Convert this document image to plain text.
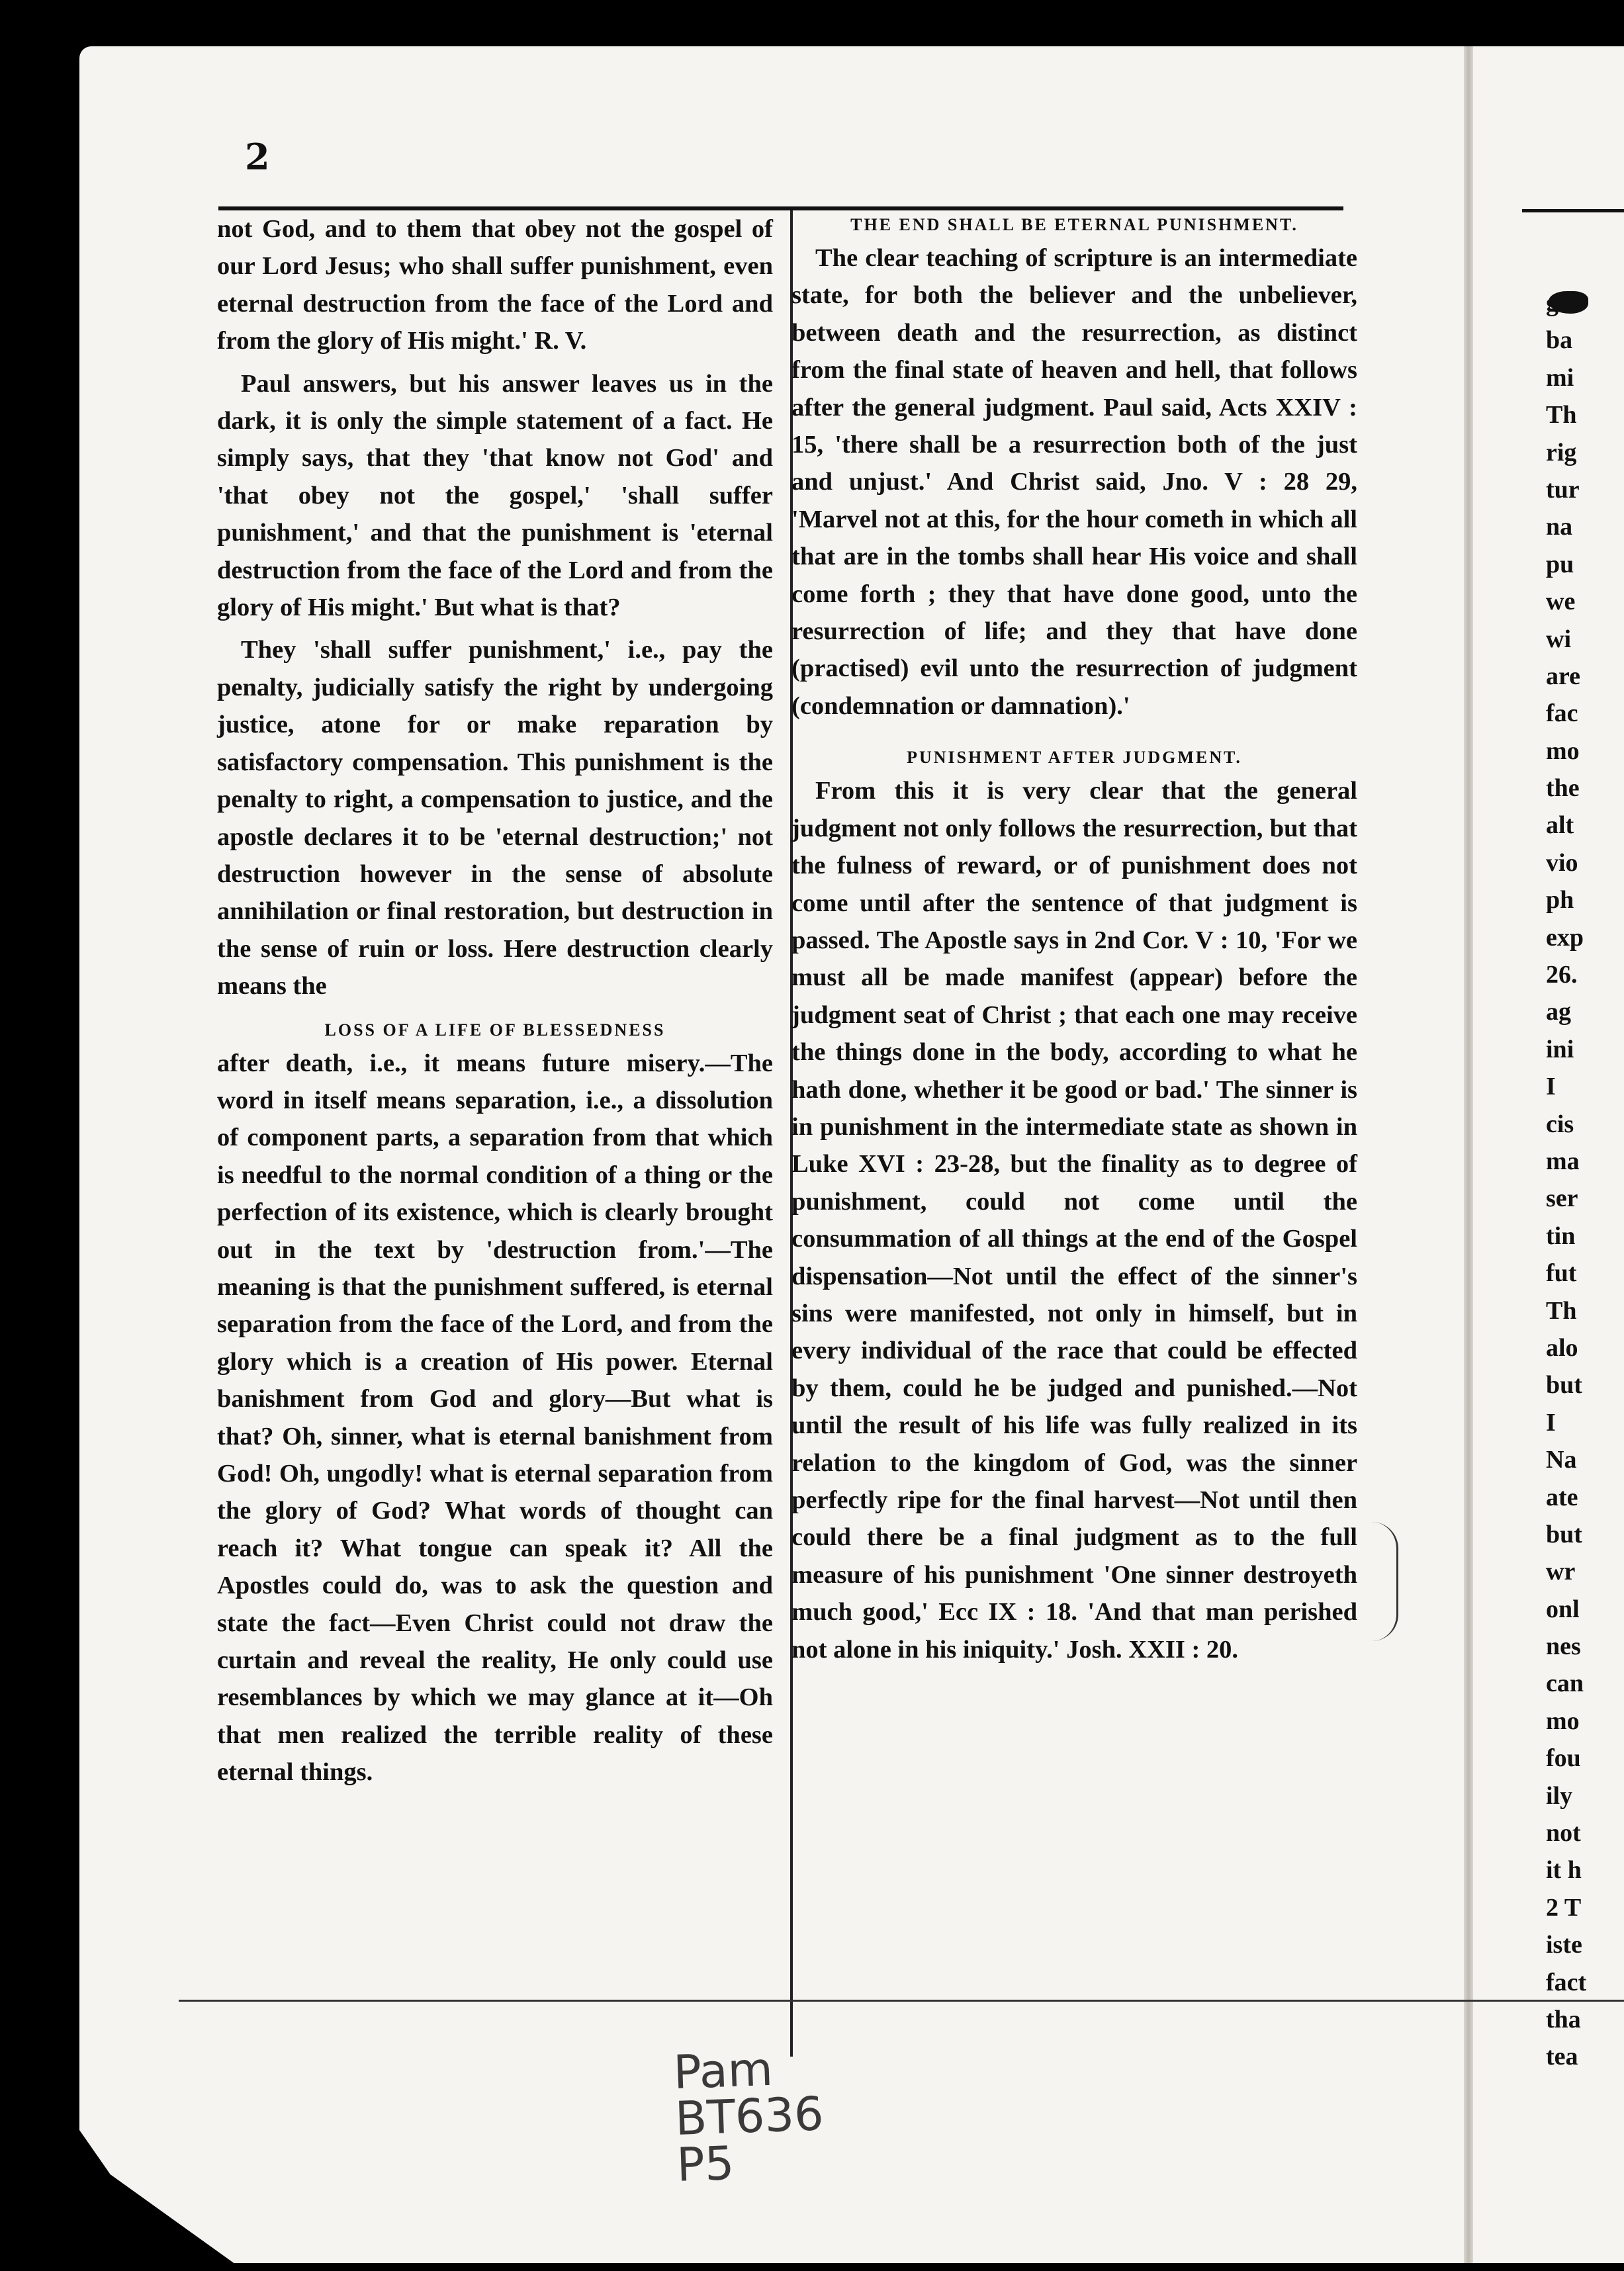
2

not God, and to them that obey not the gospel of our Lord Jesus; who shall suffer punishment, even eternal destruction from the face of the Lord and from the glory of His might.' R. V.

Paul answers, but his answer leaves us in the dark, it is only the simple statement of a fact. He simply says, that they 'that know not God' and 'that obey not the gospel,' 'shall suffer punishment,' and that the punishment is 'eternal destruction from the face of the Lord and from the glory of His might.' But what is that?

They 'shall suffer punishment,' i.e., pay the penalty, judicially satisfy the right by undergoing justice, atone for or make reparation by satisfactory compensation. This punishment is the penalty to right, a compensation to justice, and the apostle declares it to be 'eternal destruction;' not destruction however in the sense of absolute annihilation or final restoration, but destruction in the sense of ruin or loss. Here destruction clearly means the

LOSS OF A LIFE OF BLESSEDNESS

after death, i.e., it means future misery.—The word in itself means separation, i.e., a dissolution of component parts, a separation from that which is needful to the normal condition of a thing or the perfection of its existence, which is clearly brought out in the text by 'destruction from.'—The meaning is that the punishment suffered, is eternal separation from the face of the Lord, and from the glory which is a creation of His power. Eternal banishment from God and glory—But what is that? Oh, sinner, what is eternal banishment from God! Oh, ungodly! what is eternal separation from the glory of God? What words of thought can reach it? What tongue can speak it? All the Apostles could do, was to ask the question and state the fact—Even Christ could not draw the curtain and reveal the reality, He only could use resemblances by which we may glance at it—Oh that men realized the terrible reality of these eternal things.

THE END SHALL BE ETERNAL PUNISHMENT.

The clear teaching of scripture is an intermediate state, for both the believer and the unbeliever, between death and the resurrection, as distinct from the final state of heaven and hell, that follows after the general judgment. Paul said, Acts XXIV : 15, 'there shall be a resurrection both of the just and unjust.' And Christ said, Jno. V : 28 29, 'Marvel not at this, for the hour cometh in which all that are in the tombs shall hear His voice and shall come forth ; they that have done good, unto the resurrection of life; and they that have done (practised) evil unto the resurrection of judgment (condemnation or damnation).'

PUNISHMENT AFTER JUDGMENT.

From this it is very clear that the general judgment not only follows the resurrection, but that the fulness of reward, or of punishment does not come until after the sentence of that judgment is passed. The Apostle says in 2nd Cor. V : 10, 'For we must all be made manifest (appear) before the judgment seat of Christ ; that each one may receive the things done in the body, according to what he hath done, whether it be good or bad.' The sinner is in punishment in the intermediate state as shown in Luke XVI : 23-28, but the finality as to degree of punishment, could not come until the consummation of all things at the end of the Gospel dispensation—Not until the effect of the sinner's sins were manifested, not only in himself, but in every individual of the race that could be effected by them, could he be judged and punished.—Not until the result of his life was fully realized in its relation to the kingdom of God, was the sinner perfectly ripe for the final harvest—Not until then could there be a final judgment as to the full measure of his punishment 'One sinner destroyeth much good,' Ecc IX : 18. 'And that man perished not alone in his iniquity.' Josh. XXII : 20.

go
ba
mi
Th
rig
tur
na
pu
we
wi
are
fac
mo
the
alt
vio
ph
exp
26.
ag
ini
I
cis
ma
ser
tin
fut
Th
alo
but
I
Na
ate
but
wr
onl
nes
can
mo
fou
ily
not
it h
2 T
iste
fact
tha
tea
Pam
BT636
P5
